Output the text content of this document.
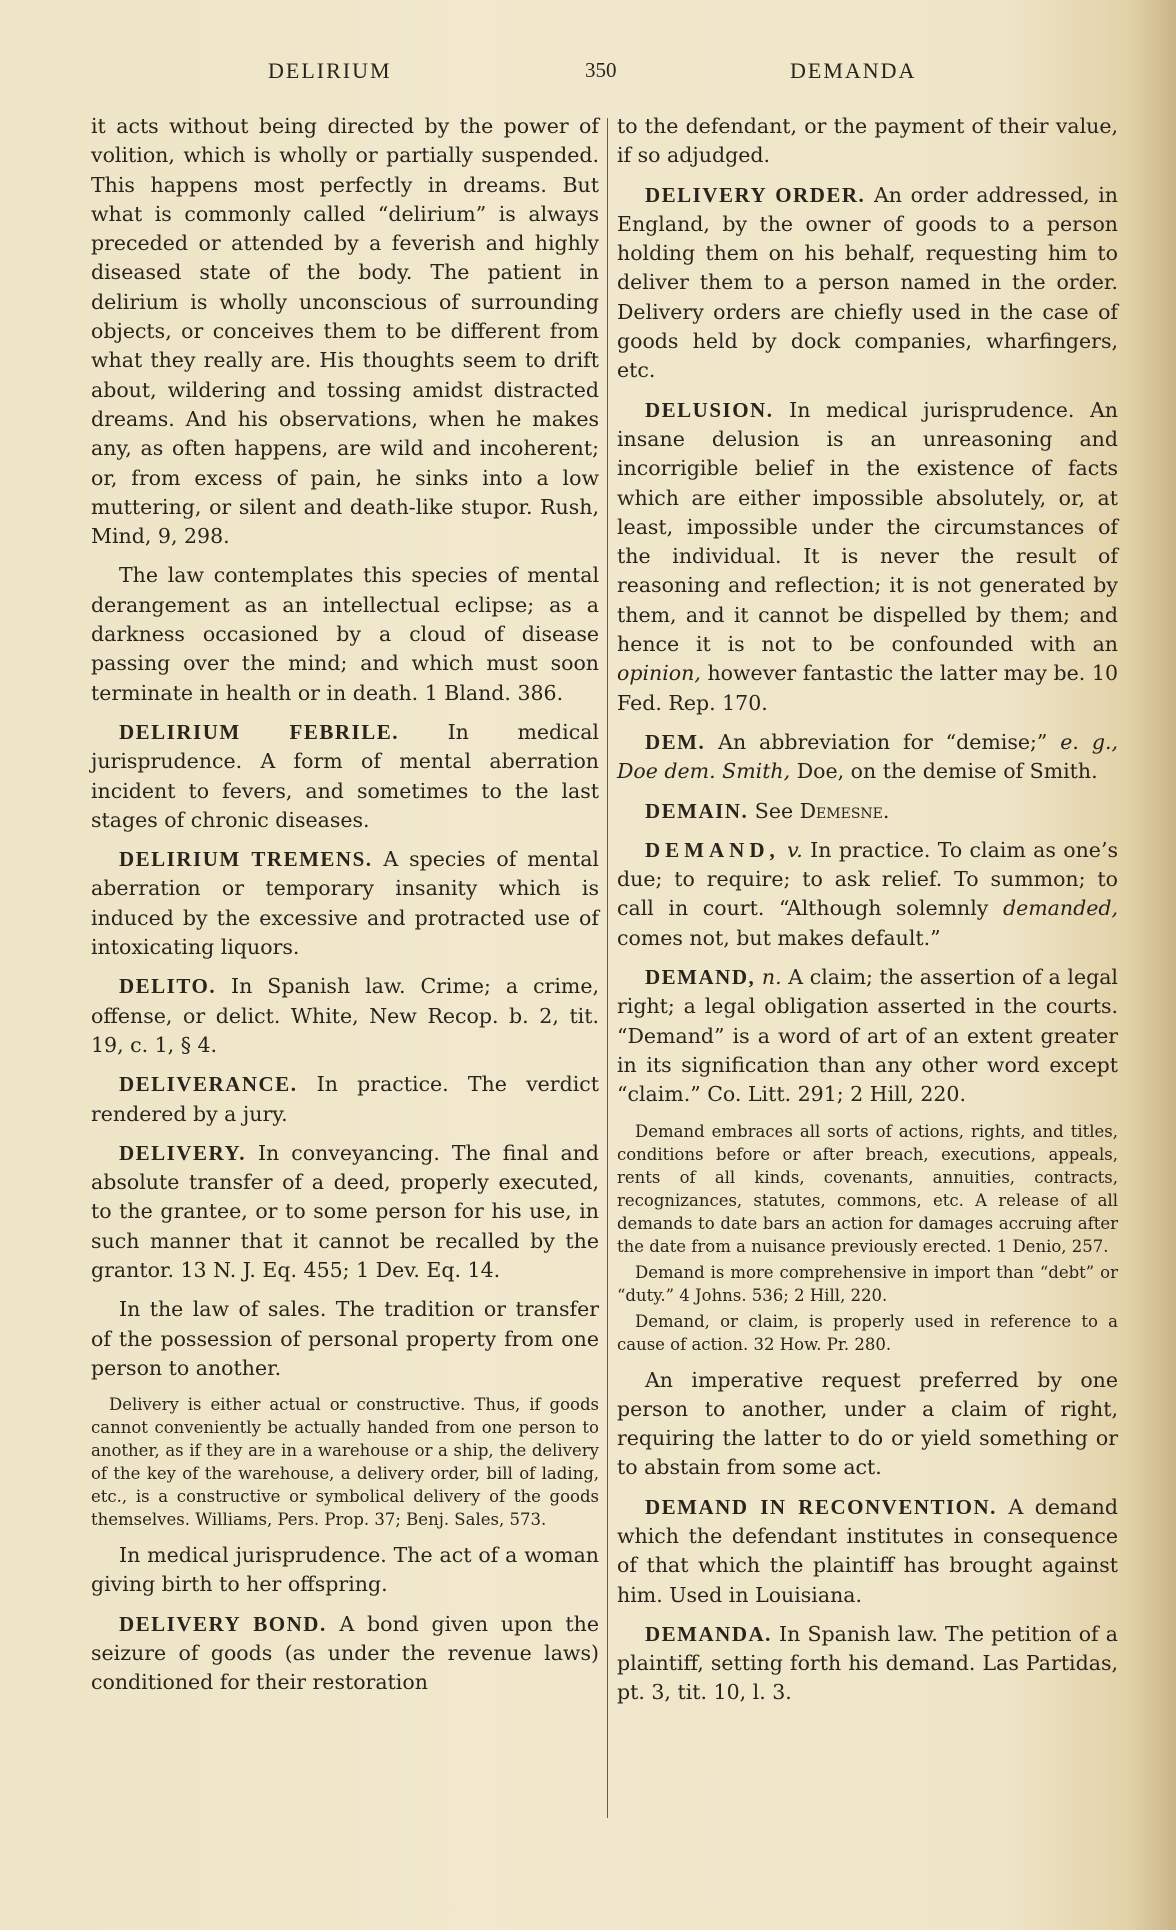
DELIRIUM	350	DEMANDA

it acts without being directed by the power of volition, which is wholly or partially suspended. This happens most perfectly in dreams. But what is commonly called “delirium” is always preceded or attended by a feverish and highly diseased state of the body. The patient in delirium is wholly unconscious of surrounding objects, or conceives them to be different from what they really are. His thoughts seem to drift about, wildering and tossing amidst distracted dreams. And his observations, when he makes any, as often happens, are wild and incoherent; or, from excess of pain, he sinks into a low muttering, or silent and death-like stupor. Rush, Mind, 9, 298.

The law contemplates this species of mental derangement as an intellectual eclipse; as a darkness occasioned by a cloud of disease passing over the mind; and which must soon terminate in health or in death. 1 Bland. 386.

DELIRIUM FEBRILE. In medical jurisprudence. A form of mental aberration incident to fevers, and sometimes to the last stages of chronic diseases.

DELIRIUM TREMENS. A species of mental aberration or temporary insanity which is induced by the excessive and protracted use of intoxicating liquors.

DELITO. In Spanish law. Crime; a crime, offense, or delict. White, New Recop. b. 2, tit. 19, c. 1, § 4.

DELIVERANCE. In practice. The verdict rendered by a jury.

DELIVERY. In conveyancing. The final and absolute transfer of a deed, properly executed, to the grantee, or to some person for his use, in such manner that it cannot be recalled by the grantor. 13 N. J. Eq. 455; 1 Dev. Eq. 14.

In the law of sales. The tradition or transfer of the possession of personal property from one person to another.

Delivery is either actual or constructive. Thus, if goods cannot conveniently be actually handed from one person to another, as if they are in a warehouse or a ship, the delivery of the key of the warehouse, a delivery order, bill of lading, etc., is a constructive or symbolical delivery of the goods themselves. Williams, Pers. Prop. 37; Benj. Sales, 573.

In medical jurisprudence. The act of a woman giving birth to her offspring.

DELIVERY BOND. A bond given upon the seizure of goods (as under the revenue laws) conditioned for their restoration

to the defendant, or the payment of their value, if so adjudged.

DELIVERY ORDER. An order addressed, in England, by the owner of goods to a person holding them on his behalf, requesting him to deliver them to a person named in the order. Delivery orders are chiefly used in the case of goods held by dock companies, wharfingers, etc.

DELUSION. In medical jurisprudence. An insane delusion is an unreasoning and incorrigible belief in the existence of facts which are either impossible absolutely, or, at least, impossible under the circumstances of the individual. It is never the result of reasoning and reflection; it is not generated by them, and it cannot be dispelled by them; and hence it is not to be confounded with an opinion, however fantastic the latter may be. 10 Fed. Rep. 170.

DEM. An abbreviation for “demise;” e. g., Doe dem. Smith, Doe, on the demise of Smith.

DEMAIN. See Demesne.

DEMAND, v. In practice. To claim as one’s due; to require; to ask relief. To summon; to call in court. “Although solemnly demanded, comes not, but makes default.”

DEMAND, n. A claim; the assertion of a legal right; a legal obligation asserted in the courts. “Demand” is a word of art of an extent greater in its signification than any other word except “claim.” Co. Litt. 291; 2 Hill, 220.

Demand embraces all sorts of actions, rights, and titles, conditions before or after breach, executions, appeals, rents of all kinds, covenants, annuities, contracts, recognizances, statutes, commons, etc. A release of all demands to date bars an action for damages accruing after the date from a nuisance previously erected. 1 Denio, 257.

Demand is more comprehensive in import than “debt” or “duty.” 4 Johns. 536; 2 Hill, 220.

Demand, or claim, is properly used in reference to a cause of action. 32 How. Pr. 280.

An imperative request preferred by one person to another, under a claim of right, requiring the latter to do or yield something or to abstain from some act.

DEMAND IN RECONVENTION. A demand which the defendant institutes in consequence of that which the plaintiff has brought against him. Used in Louisiana.

DEMANDA. In Spanish law. The petition of a plaintiff, setting forth his demand. Las Partidas, pt. 3, tit. 10, l. 3.
